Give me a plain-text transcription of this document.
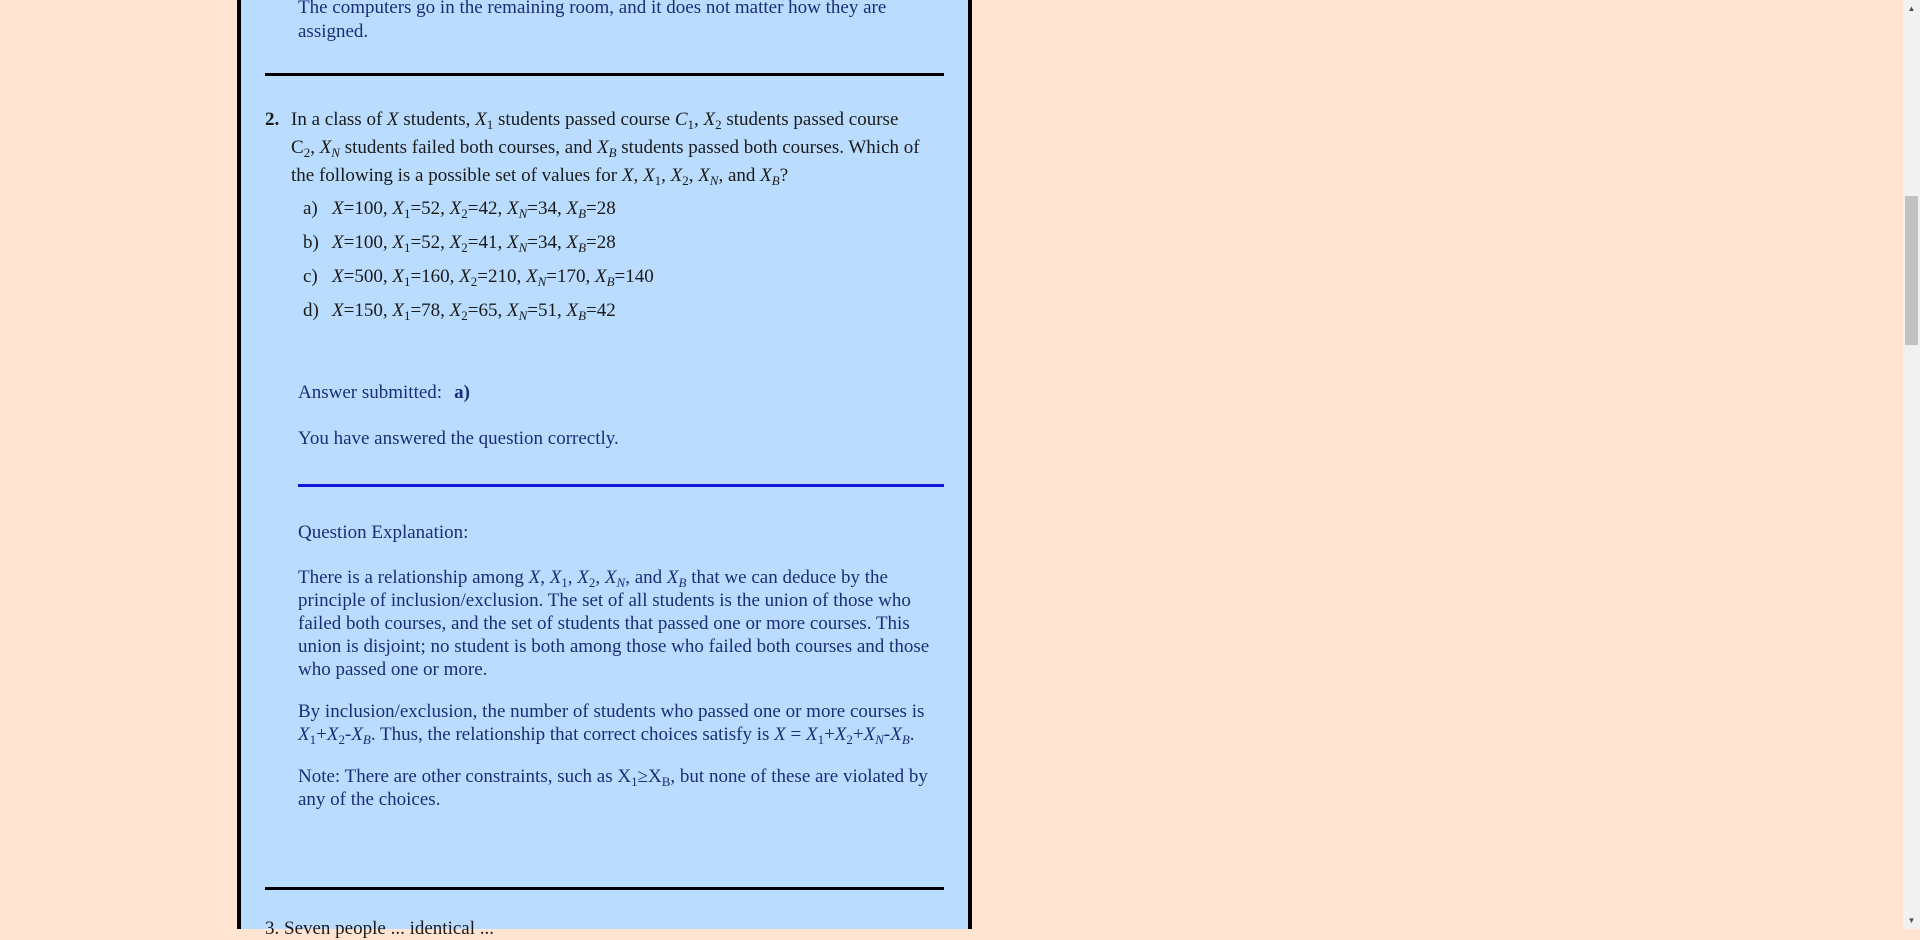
The computers go in the remaining room, and it does not matter how they are assigned.
2. In a class of X students, $X_1$ students passed course $C_1$, $X_2$ students passed course $C_2$, $X_N$ students failed both courses, and $X_B$ students passed both courses. Which of the following is a possible set of values for X, $X_1$, $X_2$, $X_N$, and $X_B$?
a) X=100, $X_1=52$, $X_2=42$, $X_N=34$, $X_B=28$
b) X=100, $X_1=52$, $X_2=41$, $X_N=34$, $X_B=28$
c) X=500, $X_1=160$, $X_2=210$, $X_N=170$, $X_B=140$
d) X=150, $X_1=78$, $X_2=65$, $X_N=51$, $X_B=42$
Answer submitted: a)
You have answered the question correctly.

Question Explanation:

There is a relationship among X, $X_1$, $X_2$, $X_N$, and $X_B$ that we can deduce by the principle of inclusion/exclusion. The set of all students is the union of those who failed both courses, and the set of students that passed one or more courses. This union is disjoint; no student is both among those who failed both courses and those who passed one or more.

By inclusion/exclusion, the number of students who passed one or more courses is $X_1+X_2-X_B$. Thus, the relationship that correct choices satisfy is $X = X_1+X_2+X_N-X_B$.

Note: There are other constraints, such as $X_1\ge X_B$, but none of these are violated by any of the choices.

3. Seven people ... identical ...
▲
▼
